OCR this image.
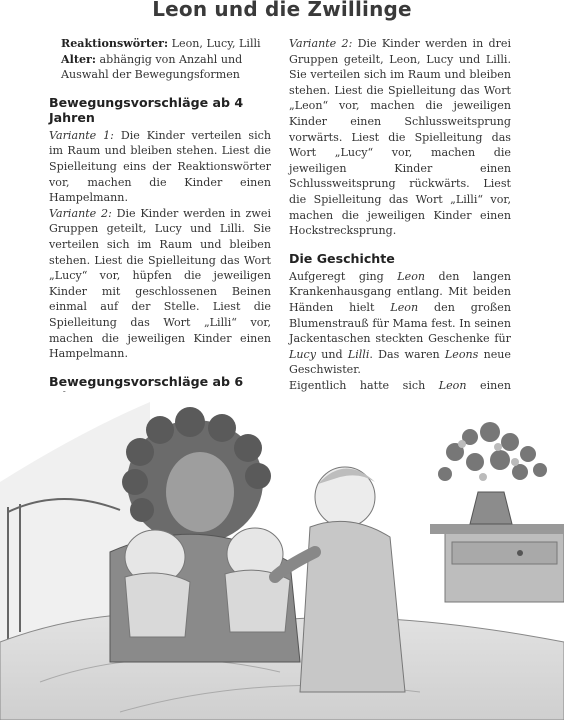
Leon und die Zwillinge
Reaktionswörter: Leon, Lucy, Lilli
Alter: abhängig von Anzahl und Auswahl der Bewegungsformen
Bewegungsvorschläge ab 4 Jahren

Variante 1: Die Kinder verteilen sich im Raum und bleiben stehen. Liest die Spielleitung eins der Reaktionswörter vor, machen die Kinder einen Hampelmann.

Variante 2: Die Kinder werden in zwei Gruppen geteilt, Lucy und Lilli. Sie verteilen sich im Raum und bleiben stehen. Liest die Spielleitung das Wort „Lucy“ vor, hüpfen die jeweiligen Kinder mit geschlossenen Beinen einmal auf der Stelle. Liest die Spielleitung das Wort „Lilli“ vor, machen die jeweiligen Kinder einen Hampelmann.

Bewegungsvorschläge ab 6

Variante 2: Die Kinder werden in drei Gruppen geteilt, Leon, Lucy und Lilli. Sie verteilen sich im Raum und bleiben stehen. Liest die Spielleitung das Wort „Leon“ vor, machen die jeweiligen Kinder einen Schlussweitsprung vorwärts. Liest die Spielleitung das Wort „Lucy“ vor, machen die jeweiligen Kinder einen Schlussweitsprung rückwärts. Liest die Spielleitung das Wort „Lilli“ vor, machen die jeweiligen Kinder einen Hockstrecksprung.

Die Geschichte

Aufgeregt ging Leon den langen Krankenhausgang entlang. Mit beiden Händen hielt Leon den großen Blumenstrauß für Mama fest. In seinen Jackentaschen steckten Geschenke für Lucy und Lilli. Das waren Leons neue Geschwister.

Eigentlich hatte sich Leon einen
